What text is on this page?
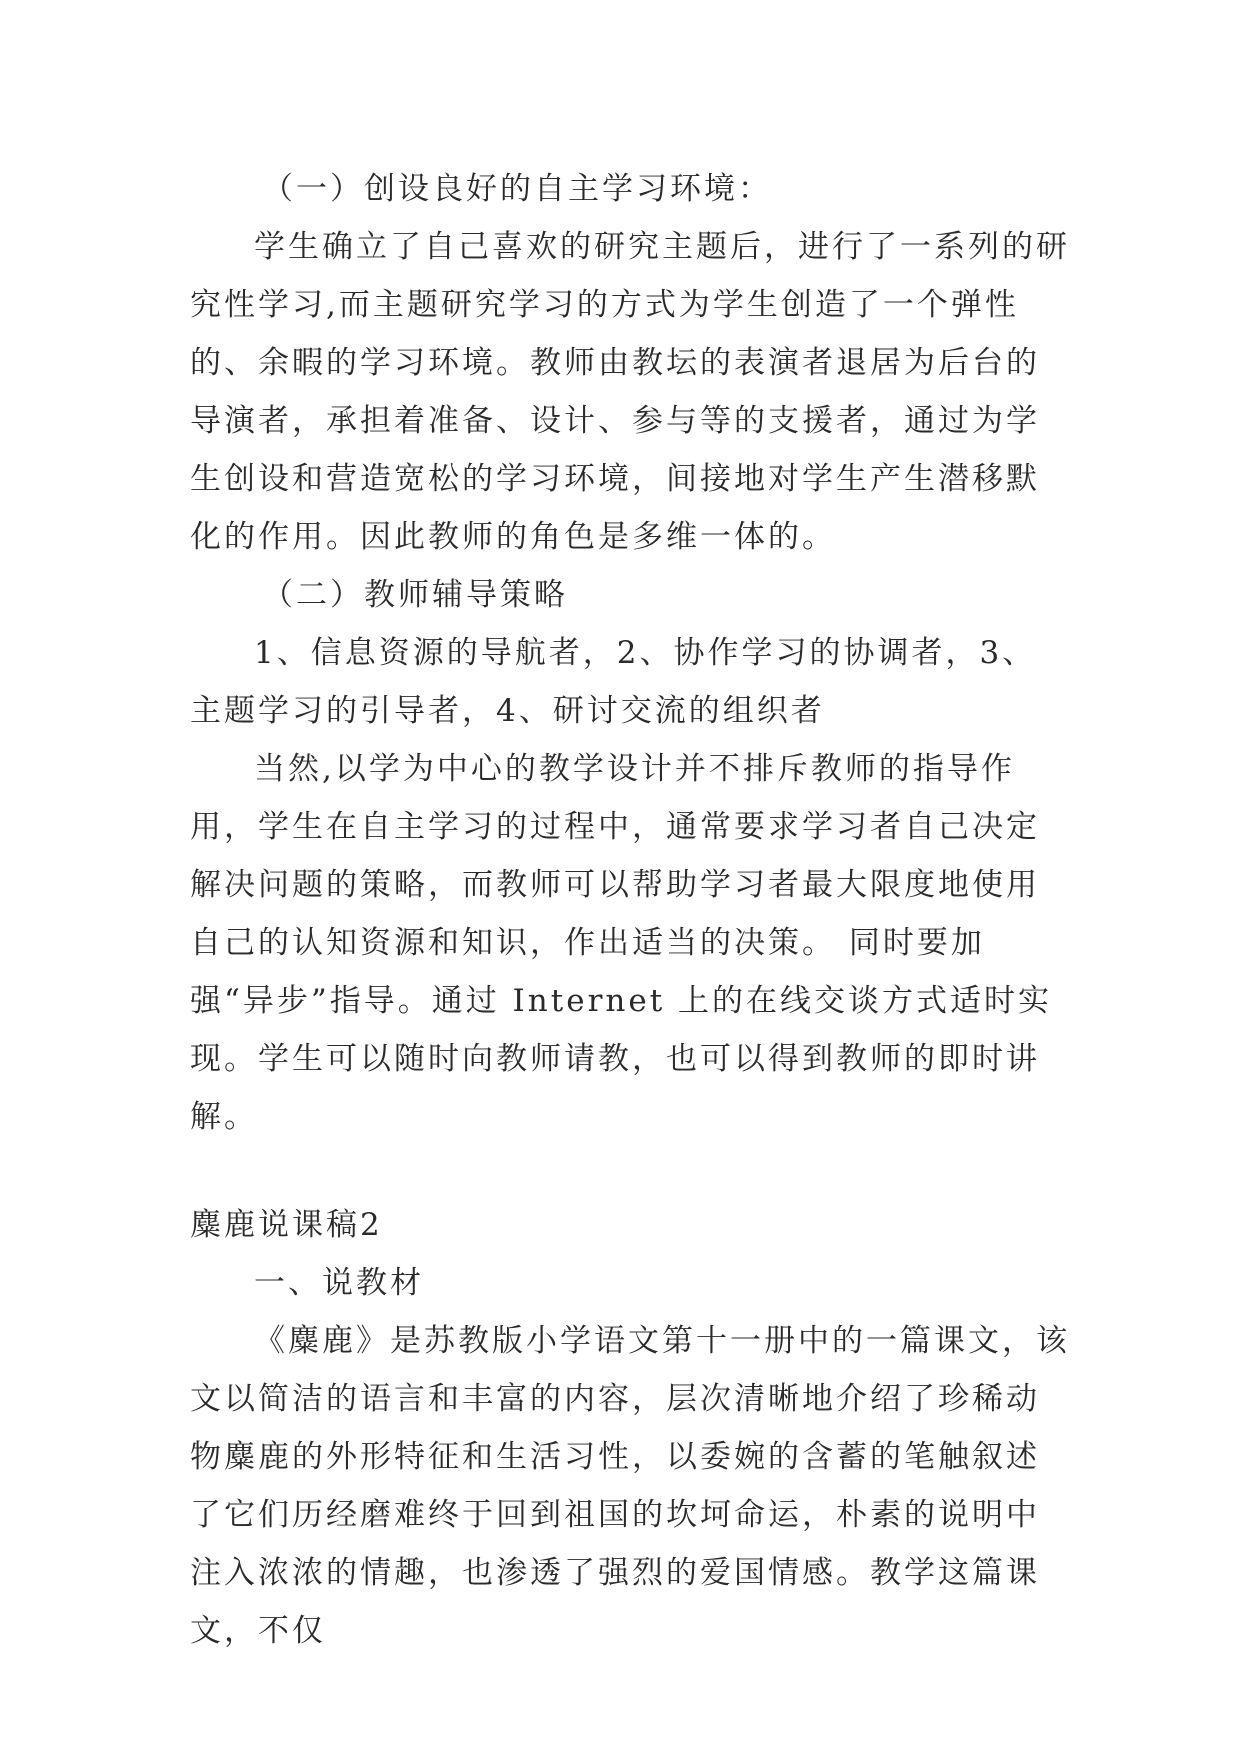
（一）创设良好的自主学习环境：

学生确立了自己喜欢的研究主题后，进行了一系列的研究性学习,而主题研究学习的方式为学生创造了一个弹性的、余暇的学习环境。教师由教坛的表演者退居为后台的导演者，承担着准备、设计、参与等的支援者，通过为学生创设和营造宽松的学习环境，间接地对学生产生潜移默化的作用。因此教师的角色是多维一体的。

（二）教师辅导策略

1、信息资源的导航者，2、协作学习的协调者，3、主题学习的引导者，4、研讨交流的组织者

当然,以学为中心的教学设计并不排斥教师的指导作用，学生在自主学习的过程中，通常要求学习者自己决定解决问题的策略，而教师可以帮助学习者最大限度地使用自己的认知资源和知识，作出适当的决策。 同时要加强“异步”指导。通过 Internet 上的在线交谈方式适时实现。学生可以随时向教师请教，也可以得到教师的即时讲解。

麋鹿说课稿2

一、说教材

《麋鹿》是苏教版小学语文第十一册中的一篇课文，该文以简洁的语言和丰富的内容，层次清晰地介绍了珍稀动物麋鹿的外形特征和生活习性，以委婉的含蓄的笔触叙述了它们历经磨难终于回到祖国的坎坷命运，朴素的说明中注入浓浓的情趣，也渗透了强烈的爱国情感。教学这篇课文，不仅
